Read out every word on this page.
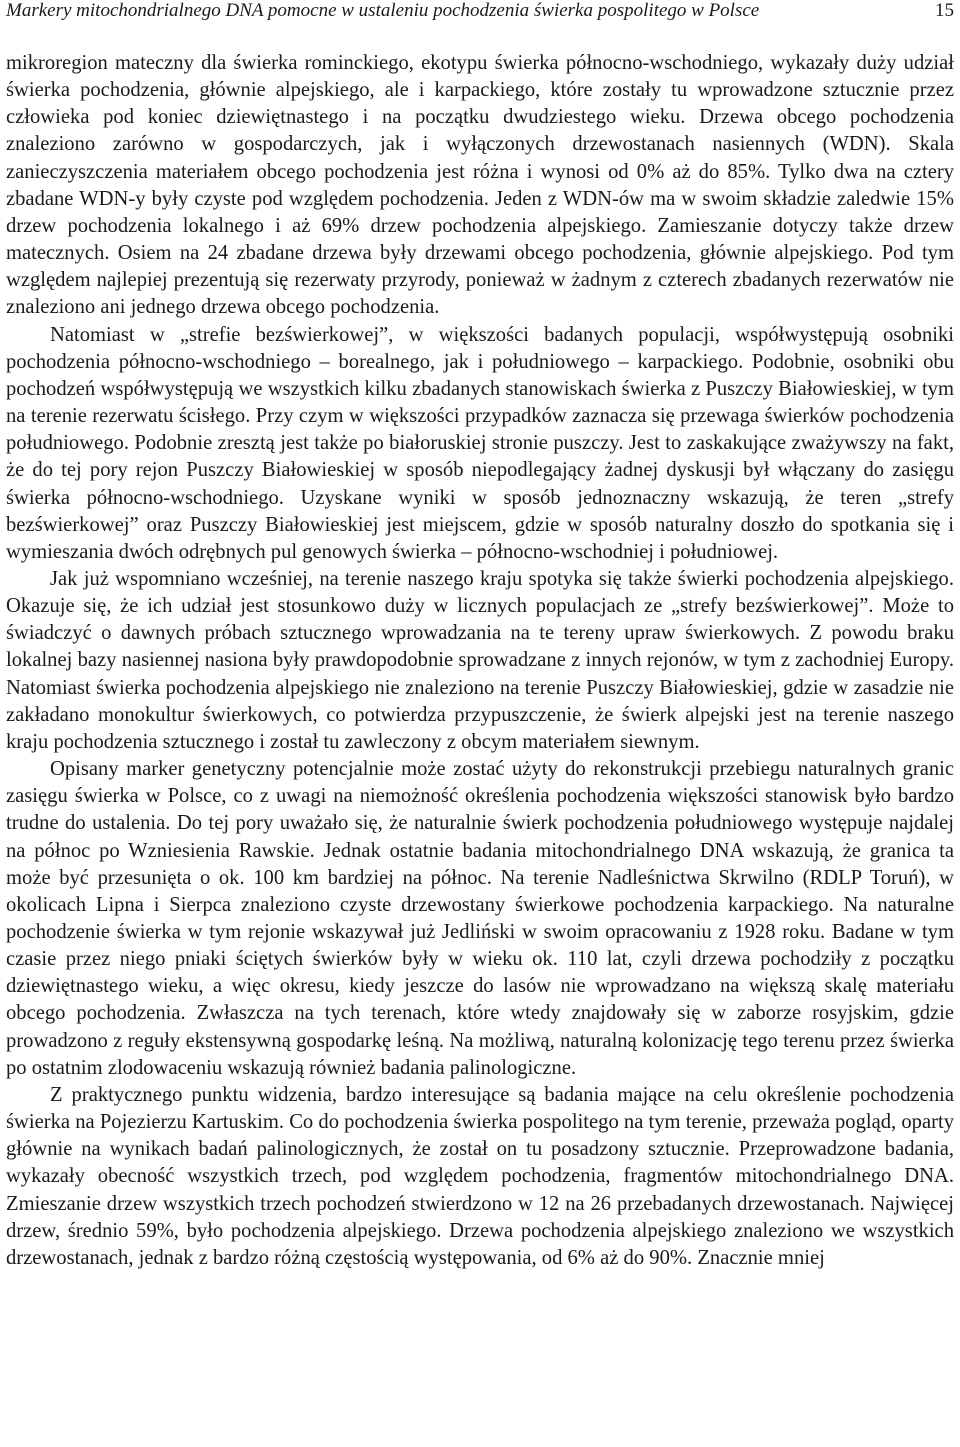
Markery mitochondrialnego DNA pomocne w ustaleniu pochodzenia świerka pospolitego w Polsce	15

mikroregion mateczny dla świerka rominckiego, ekotypu świerka północno-wschodniego, wykazały duży udział świerka pochodzenia, głównie alpejskiego, ale i karpackiego, które zostały tu wprowadzone sztucznie przez człowieka pod koniec dziewiętnastego i na początku dwudziestego wieku. Drzewa obcego pochodzenia znaleziono zarówno w gospodarczych, jak i wyłączonych drzewostanach nasiennych (WDN). Skala zanieczyszczenia materiałem obcego pochodzenia jest różna i wynosi od 0% aż do 85%. Tylko dwa na cztery zbadane WDN-y były czyste pod względem pochodzenia. Jeden z WDN-ów ma w swoim składzie zaledwie 15% drzew pochodzenia lokalnego i aż 69% drzew pochodzenia alpejskiego. Zamieszanie dotyczy także drzew matecznych. Osiem na 24 zbadane drzewa były drzewami obcego pochodzenia, głównie alpejskiego. Pod tym względem najlepiej prezentują się rezerwaty przyrody, ponieważ w żadnym z czterech zbadanych rezerwatów nie znaleziono ani jednego drzewa obcego pochodzenia.

Natomiast w „strefie bezświerkowej”, w większości badanych populacji, współwystępują osobniki pochodzenia północno-wschodniego – borealnego, jak i południowego – karpackiego. Podobnie, osobniki obu pochodzeń współwystępują we wszystkich kilku zbadanych stanowiskach świerka z Puszczy Białowieskiej, w tym na terenie rezerwatu ścisłego. Przy czym w większości przypadków zaznacza się przewaga świerków pochodzenia południowego. Podobnie zresztą jest także po białoruskiej stronie puszczy. Jest to zaskakujące zważywszy na fakt, że do tej pory rejon Puszczy Białowieskiej w sposób niepodlegający żadnej dyskusji był włączany do zasięgu świerka północno-wschodniego. Uzyskane wyniki w sposób jednoznaczny wskazują, że teren „strefy bezświerkowej” oraz Puszczy Białowieskiej jest miejscem, gdzie w sposób naturalny doszło do spotkania się i wymieszania dwóch odrębnych pul genowych świerka – północno-wschodniej i południowej.

Jak już wspomniano wcześniej, na terenie naszego kraju spotyka się także świerki pochodzenia alpejskiego. Okazuje się, że ich udział jest stosunkowo duży w licznych populacjach ze „strefy bezświerkowej”. Może to świadczyć o dawnych próbach sztucznego wprowadzania na te tereny upraw świerkowych. Z powodu braku lokalnej bazy nasiennej nasiona były prawdopodobnie sprowadzane z innych rejonów, w tym z zachodniej Europy. Natomiast świerka pochodzenia alpejskiego nie znaleziono na terenie Puszczy Białowieskiej, gdzie w zasadzie nie zakładano monokultur świerkowych, co potwierdza przypuszczenie, że świerk alpejski jest na terenie naszego kraju pochodzenia sztucznego i został tu zawleczony z obcym materiałem siewnym.

Opisany marker genetyczny potencjalnie może zostać użyty do rekonstrukcji przebiegu naturalnych granic zasięgu świerka w Polsce, co z uwagi na niemożność określenia pochodzenia większości stanowisk było bardzo trudne do ustalenia. Do tej pory uważało się, że naturalnie świerk pochodzenia południowego występuje najdalej na północ po Wzniesienia Rawskie. Jednak ostatnie badania mitochondrialnego DNA wskazują, że granica ta może być przesunięta o ok. 100 km bardziej na północ. Na terenie Nadleśnictwa Skrwilno (RDLP Toruń), w okolicach Lipna i Sierpca znaleziono czyste drzewostany świerkowe pochodzenia karpackiego. Na naturalne pochodzenie świerka w tym rejonie wskazywał już Jedliński w swoim opracowaniu z 1928 roku. Badane w tym czasie przez niego pniaki ściętych świerków były w wieku ok. 110 lat, czyli drzewa pochodziły z początku dziewiętnastego wieku, a więc okresu, kiedy jeszcze do lasów nie wprowadzano na większą skalę materiału obcego pochodzenia. Zwłaszcza na tych terenach, które wtedy znajdowały się w zaborze rosyjskim, gdzie prowadzono z reguły ekstensywną gospodarkę leśną. Na możliwą, naturalną kolonizację tego terenu przez świerka po ostatnim zlodowaceniu wskazują również badania palinologiczne.

Z praktycznego punktu widzenia, bardzo interesujące są badania mające na celu określenie pochodzenia świerka na Pojezierzu Kartuskim. Co do pochodzenia świerka pospolitego na tym terenie, przeważa pogląd, oparty głównie na wynikach badań palinologicznych, że został on tu posadzony sztucznie. Przeprowadzone badania, wykazały obecność wszystkich trzech, pod względem pochodzenia, fragmentów mitochondrialnego DNA. Zmieszanie drzew wszystkich trzech pochodzeń stwierdzono w 12 na 26 przebadanych drzewostanach. Najwięcej drzew, średnio 59%, było pochodzenia alpejskiego. Drzewa pochodzenia alpejskiego znaleziono we wszystkich drzewostanach, jednak z bardzo różną częstością występowania, od 6% aż do 90%. Znacznie mniej
